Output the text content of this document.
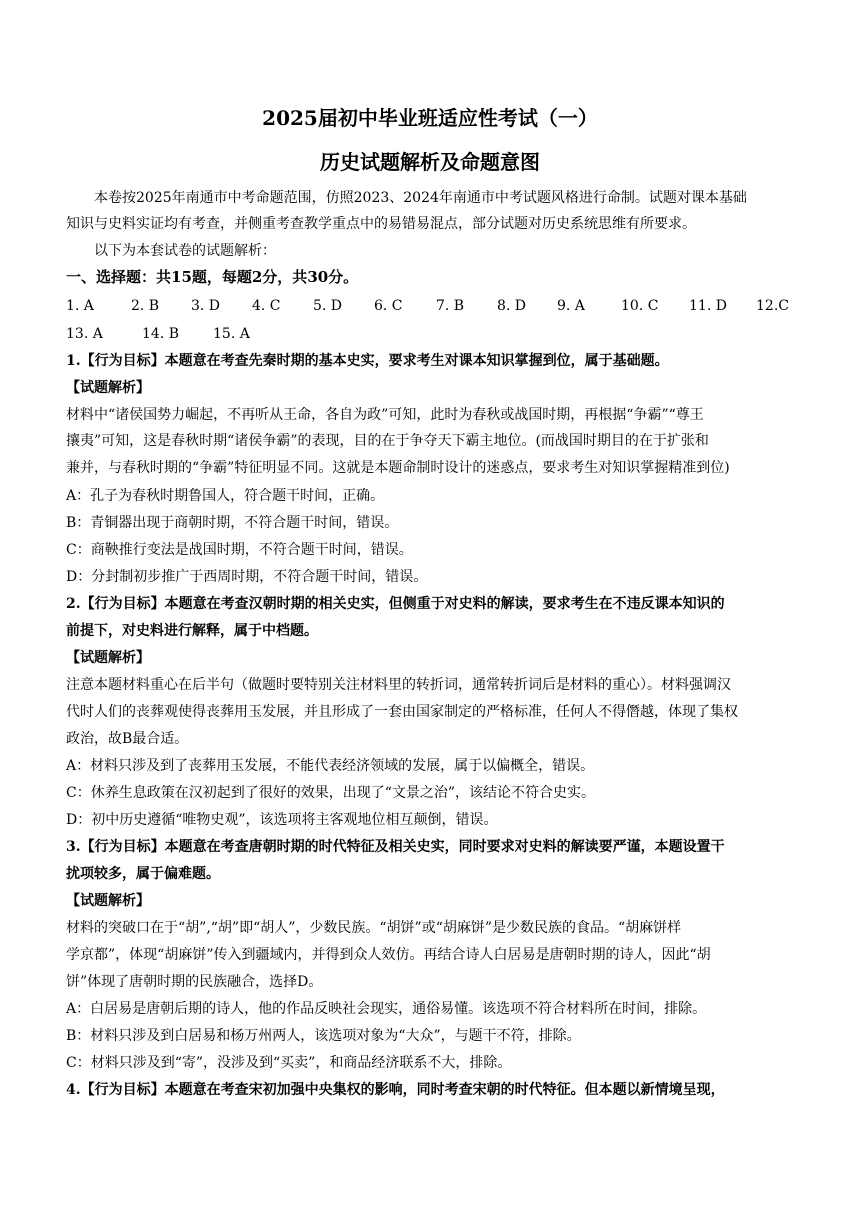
2025届初中毕业班适应性考试（一）
历史试题解析及命题意图
本卷按2025年南通市中考命题范围，仿照2023、2024年南通市中考试题风格进行命制。试题对课本基础
知识与史料实证均有考查，并侧重考查教学重点中的易错易混点，部分试题对历史系统思维有所要求。
以下为本套试卷的试题解析：
一、选择题：共15题，每题2分，共30分。
1. A	2. B 3. D 4. C 5. D 6. C 7. B 8. D 9. A	10. C 11. D 12.C
13. A	14. B 15. A
1.【行为目标】本题意在考查先秦时期的基本史实，要求考生对课本知识掌握到位，属于基础题。
【试题解析】
材料中“诸侯国势力崛起，不再听从王命，各自为政”可知，此时为春秋或战国时期，再根据“争霸”“尊王
攘夷”可知，这是春秋时期“诸侯争霸”的表现，目的在于争夺天下霸主地位。(而战国时期目的在于扩张和
兼并，与春秋时期的“争霸”特征明显不同。这就是本题命制时设计的迷惑点，要求考生对知识掌握精准到位)
A：孔子为春秋时期鲁国人，符合题干时间，正确。
B：青铜器出现于商朝时期，不符合题干时间，错误。
C：商鞅推行变法是战国时期，不符合题干时间，错误。
D：分封制初步推广于西周时期，不符合题干时间，错误。
2.【行为目标】本题意在考查汉朝时期的相关史实，但侧重于对史料的解读，要求考生在不违反课本知识的
前提下，对史料进行解释，属于中档题。
【试题解析】
注意本题材料重心在后半句（做题时要特别关注材料里的转折词，通常转折词后是材料的重心）。材料强调汉
代时人们的丧葬观使得丧葬用玉发展，并且形成了一套由国家制定的严格标准，任何人不得僭越，体现了集权
政治，故B最合适。
A：材料只涉及到了丧葬用玉发展，不能代表经济领域的发展，属于以偏概全，错误。
C：休养生息政策在汉初起到了很好的效果，出现了“文景之治”，该结论不符合史实。
D：初中历史遵循“唯物史观”，该选项将主客观地位相互颠倒，错误。
3.【行为目标】本题意在考查唐朝时期的时代特征及相关史实，同时要求对史料的解读要严谨，本题设置干
扰项较多，属于偏难题。
【试题解析】
材料的突破口在于“胡”,“胡”即“胡人”，少数民族。“胡饼”或“胡麻饼”是少数民族的食品。“胡麻饼样
学京都”，体现“胡麻饼”传入到疆域内，并得到众人效仿。再结合诗人白居易是唐朝时期的诗人，因此“胡
饼”体现了唐朝时期的民族融合，选择D。
A：白居易是唐朝后期的诗人，他的作品反映社会现实，通俗易懂。该选项不符合材料所在时间，排除。
B：材料只涉及到白居易和杨万州两人，该选项对象为“大众”，与题干不符，排除。
C：材料只涉及到“寄”，没涉及到“买卖”，和商品经济联系不大，排除。
4.【行为目标】本题意在考查宋初加强中央集权的影响，同时考查宋朝的时代特征。但本题以新情境呈现，
